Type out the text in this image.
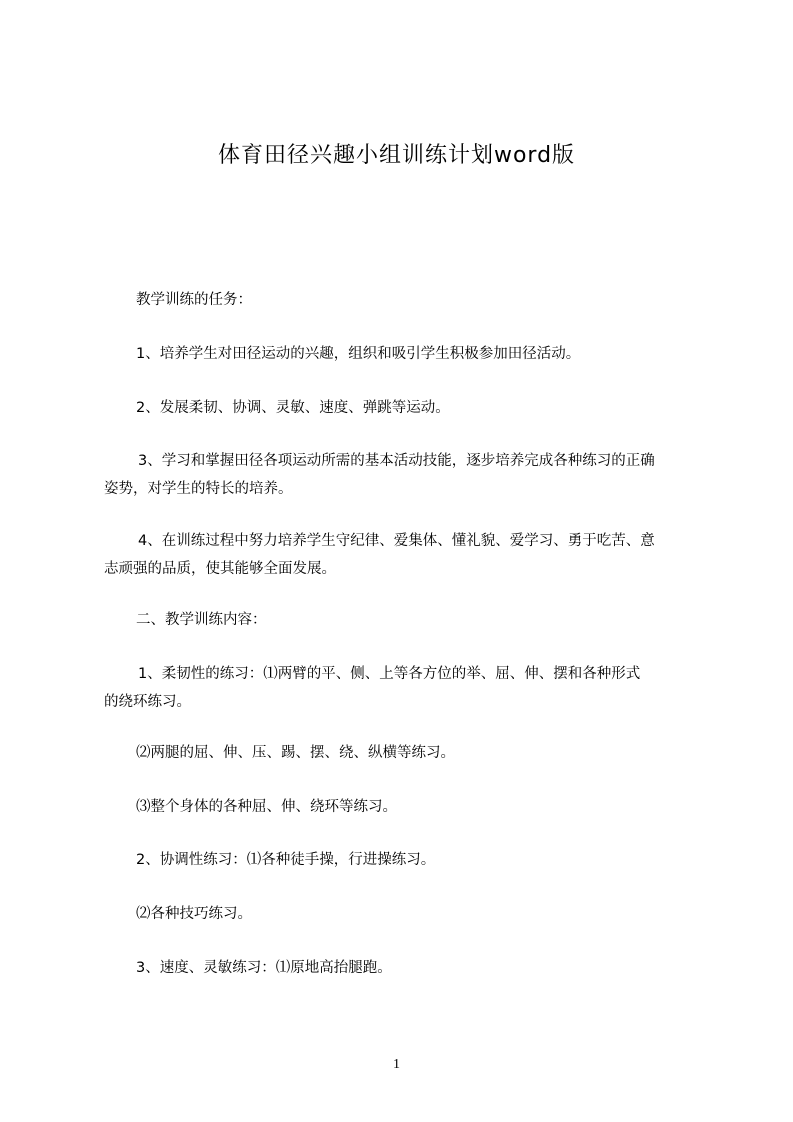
体育田径兴趣小组训练计划word版

教学训练的任务：

1、培养学生对田径运动的兴趣，组织和吸引学生积极参加田径活动。

2、发展柔韧、协调、灵敏、速度、弹跳等运动。

3、学习和掌握田径各项运动所需的基本活动技能，逐步培养完成各种练习的正确
姿势，对学生的特长的培养。

4、在训练过程中努力培养学生守纪律、爱集体、懂礼貌、爱学习、勇于吃苦、意
志顽强的品质，使其能够全面发展。

二、教学训练内容：

1、柔韧性的练习：⑴两臂的平、侧、上等各方位的举、屈、伸、摆和各种形式
的绕环练习。

⑵两腿的屈、伸、压、踢、摆、绕、纵横等练习。

⑶整个身体的各种屈、伸、绕环等练习。

2、协调性练习：⑴各种徒手操，行进操练习。

⑵各种技巧练习。

3、速度、灵敏练习：⑴原地高抬腿跑。

1
